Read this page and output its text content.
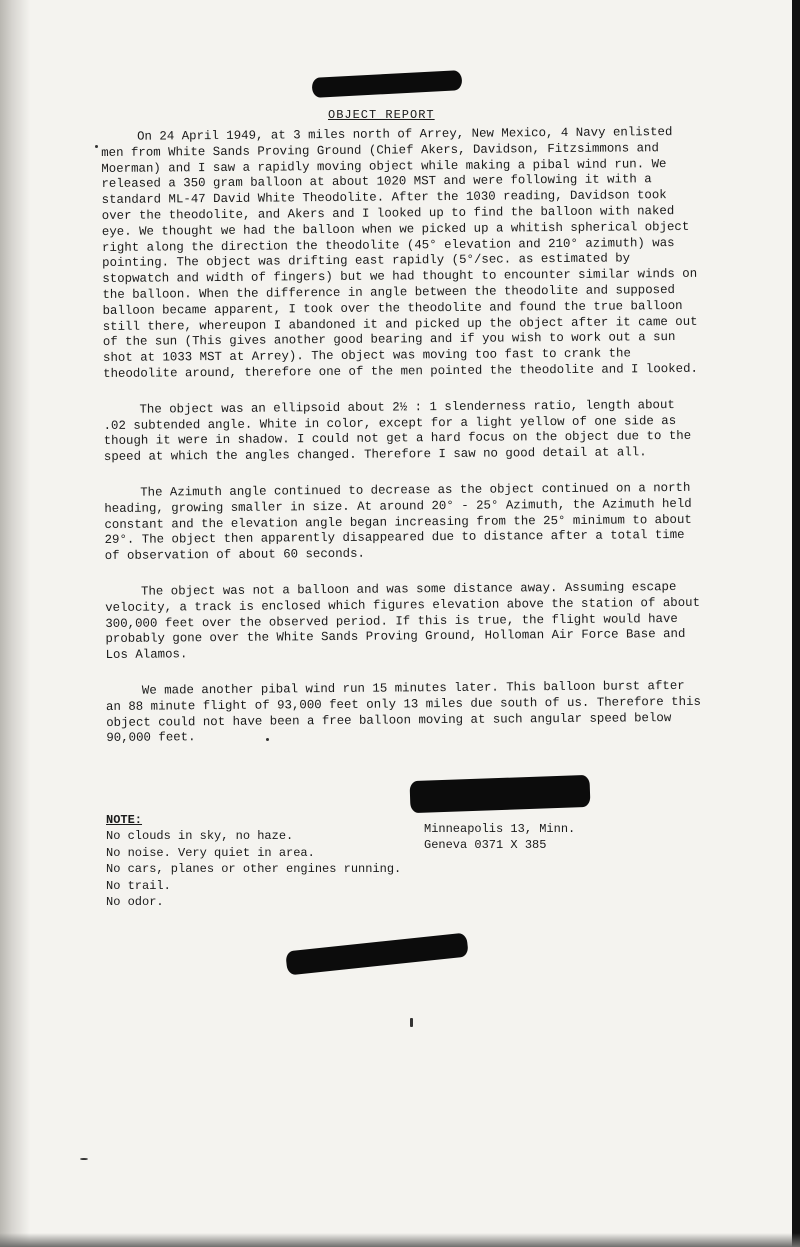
OBJECT REPORT

On 24 April 1949, at 3 miles north of Arrey, New Mexico, 4 Navy enlisted men from White Sands Proving Ground (Chief Akers, Davidson, Fitzsimmons and Moerman) and I saw a rapidly moving object while making a pibal wind run. We released a 350 gram balloon at about 1020 MST and were following it with a standard ML-47 David White Theodolite. After the 1030 reading, Davidson took over the theodolite, and Akers and I looked up to find the balloon with naked eye. We thought we had the balloon when we picked up a whitish spherical object right along the direction the theodolite (45° elevation and 210° azimuth) was pointing. The object was drifting east rapidly (5°/sec. as estimated by stopwatch and width of fingers) but we had thought to encounter similar winds on the balloon. When the difference in angle between the theodolite and supposed balloon became apparent, I took over the theodolite and found the true balloon still there, whereupon I abandoned it and picked up the object after it came out of the sun (This gives another good bearing and if you wish to work out a sun shot at 1033 MST at Arrey). The object was moving too fast to crank the theodolite around, therefore one of the men pointed the theodolite and I looked.

The object was an ellipsoid about 2½ : 1 slenderness ratio, length about .02 subtended angle. White in color, except for a light yellow of one side as though it were in shadow. I could not get a hard focus on the object due to the speed at which the angles changed. Therefore I saw no good detail at all.

The Azimuth angle continued to decrease as the object continued on a north heading, growing smaller in size. At around 20° - 25° Azimuth, the Azimuth held constant and the elevation angle began increasing from the 25° minimum to about 29°. The object then apparently disappeared due to distance after a total time of observation of about 60 seconds.

The object was not a balloon and was some distance away. Assuming escape velocity, a track is enclosed which figures elevation above the station of about 300,000 feet over the observed period. If this is true, the flight would have probably gone over the White Sands Proving Ground, Holloman Air Force Base and Los Alamos.

We made another pibal wind run 15 minutes later. This balloon burst after an 88 minute flight of 93,000 feet only 13 miles due south of us. Therefore this object could not have been a free balloon moving at such angular speed below 90,000 feet.

NOTE:
No clouds in sky, no haze.
No noise. Very quiet in area.
No cars, planes or other engines running.
No trail.
No odor.
Minneapolis 13, Minn.
Geneva 0371 X 385
